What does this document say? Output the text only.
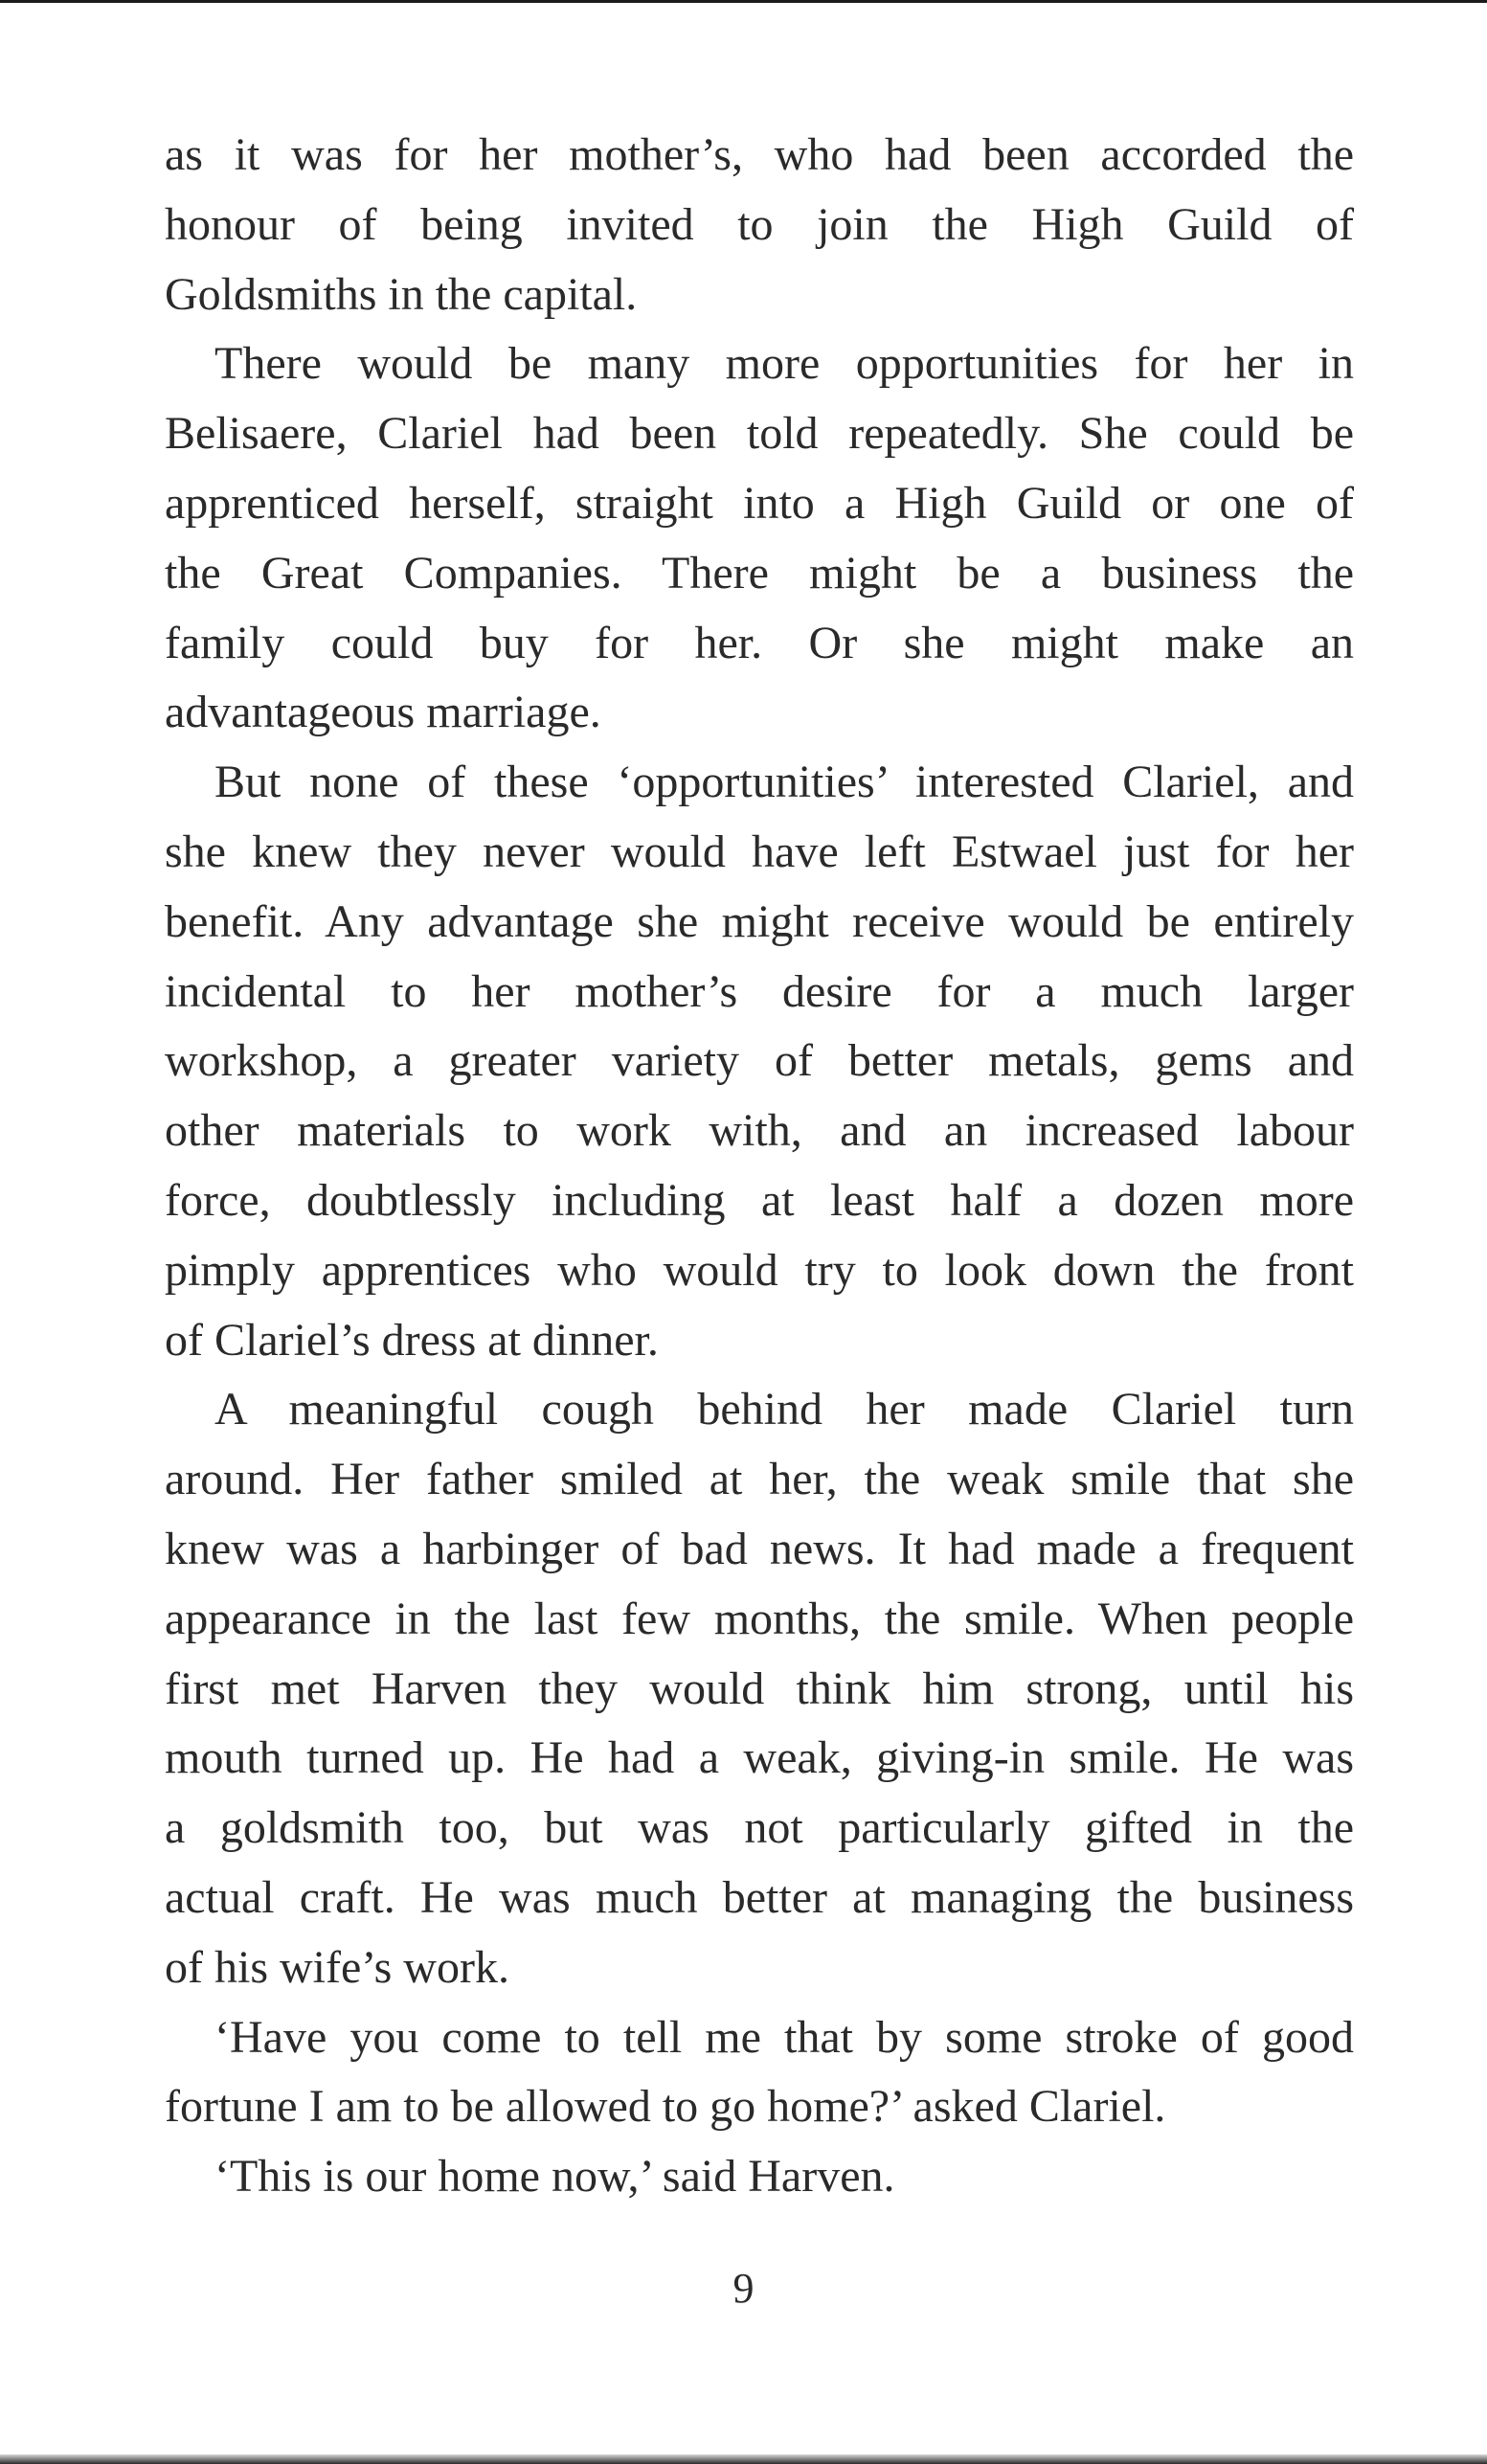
as it was for her mother’s, who had been accorded the
honour of being invited to join the High Guild of
Goldsmiths in the capital.
There would be many more opportunities for her in
Belisaere, Clariel had been told repeatedly. She could be
apprenticed herself, straight into a High Guild or one of
the Great Companies. There might be a business the
family could buy for her. Or she might make an
advantageous marriage.
But none of these ‘opportunities’ interested Clariel, and
she knew they never would have left Estwael just for her
benefit. Any advantage she might receive would be entirely
incidental to her mother’s desire for a much larger
workshop, a greater variety of better metals, gems and
other materials to work with, and an increased labour
force, doubtlessly including at least half a dozen more
pimply apprentices who would try to look down the front
of Clariel’s dress at dinner.
A meaningful cough behind her made Clariel turn
around. Her father smiled at her, the weak smile that she
knew was a harbinger of bad news. It had made a frequent
appearance in the last few months, the smile. When people
first met Harven they would think him strong, until his
mouth turned up. He had a weak, giving-in smile. He was
a goldsmith too, but was not particularly gifted in the
actual craft. He was much better at managing the business
of his wife’s work.
‘Have you come to tell me that by some stroke of good
fortune I am to be allowed to go home?’ asked Clariel.
‘This is our home now,’ said Harven.
9
